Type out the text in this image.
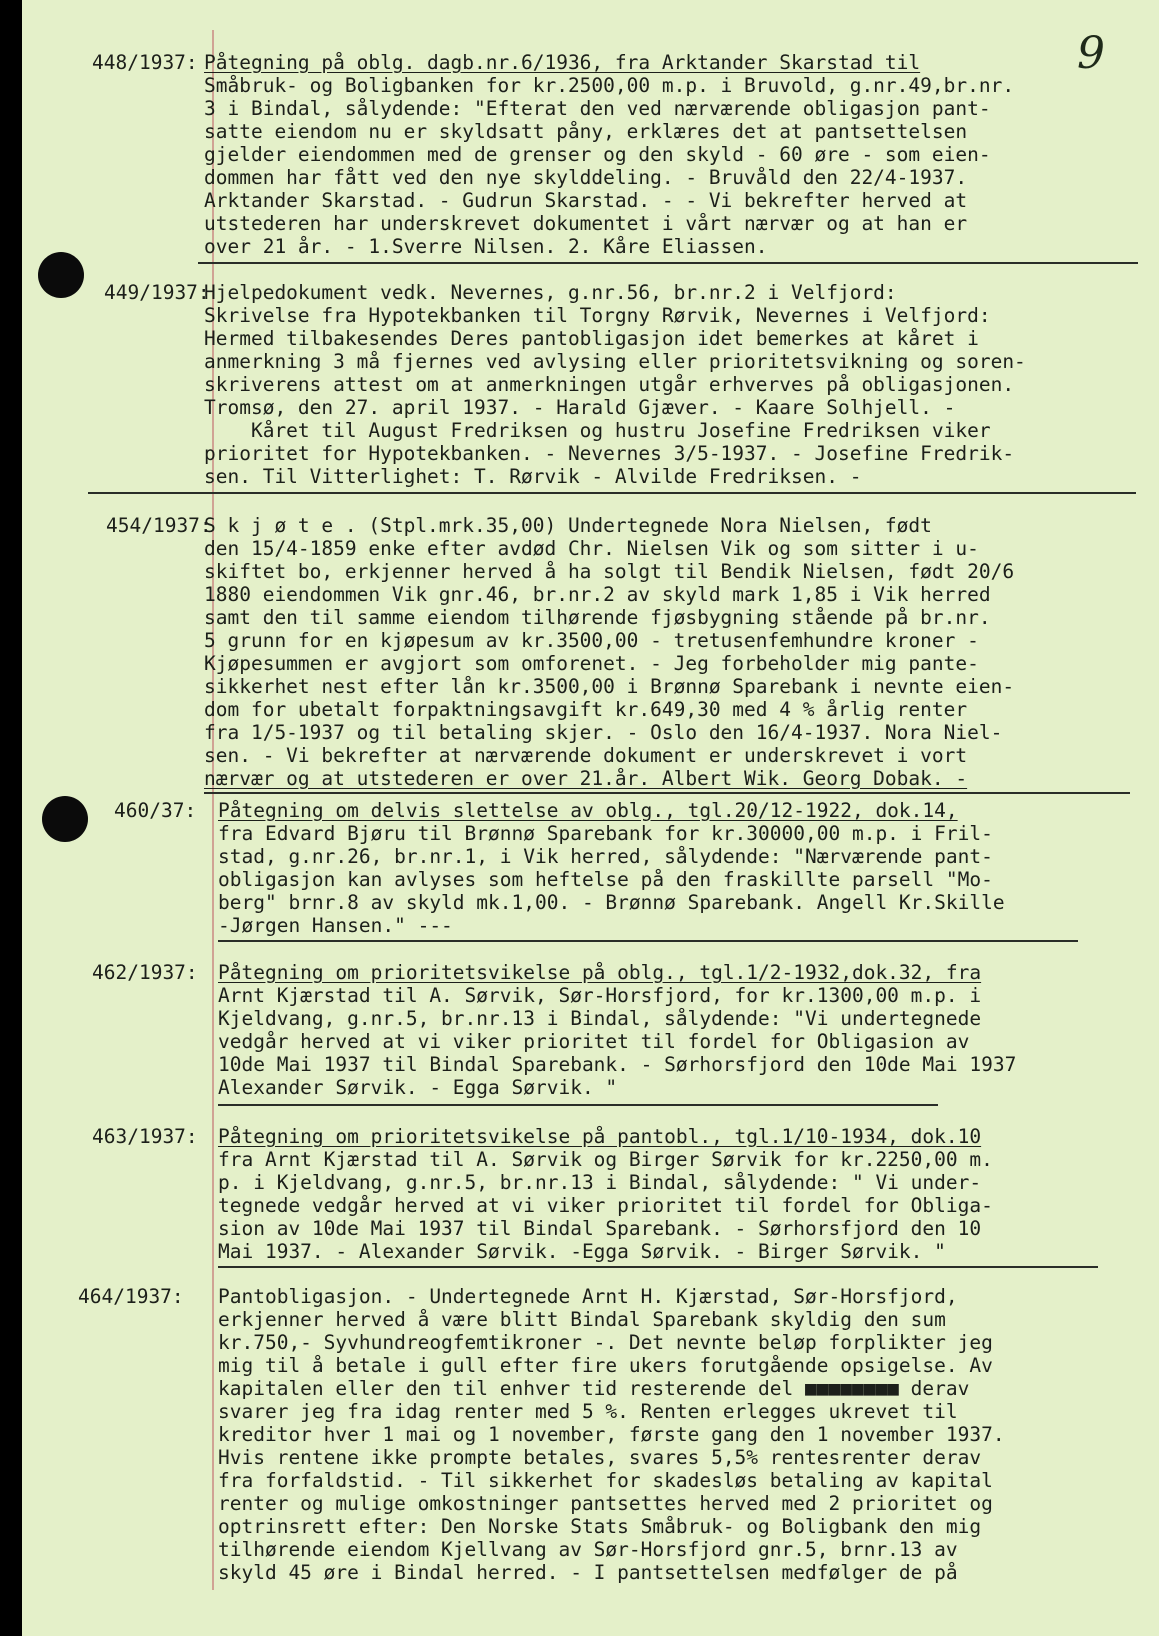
9
448/1937: Påtegning på oblg. dagb.nr.6/1936, fra Arktander Skarstad til
Småbruk- og Boligbanken for kr.2500,00 m.p. i Bruvold, g.nr.49,br.nr.
3 i Bindal, sålydende: "Efterat den ved nærværende obligasjon pant-
satte eiendom nu er skyldsatt påny, erklæres det at pantsettelsen
gjelder eiendommen med de grenser og den skyld - 60 øre - som eien-
dommen har fått ved den nye skylddeling. - Bruvåld den 22/4-1937.
Arktander Skarstad. - Gudrun Skarstad. - - Vi bekrefter herved at
utstederen har underskrevet dokumentet i vårt nærvær og at han er
over 21 år. - 1.Sverre Nilsen. 2. Kåre Eliassen.
449/1937:
Hjelpedokument vedk. Nevernes, g.nr.56, br.nr.2 i Velfjord:
Skrivelse fra Hypotekbanken til Torgny Rørvik, Nevernes i Velfjord:
Hermed tilbakesendes Deres pantobligasjon idet bemerkes at kåret i
anmerkning 3 må fjernes ved avlysing eller prioritetsvikning og soren-
skriverens attest om at anmerkningen utgår erhverves på obligasjonen.
Tromsø, den 27. april 1937. - Harald Gjæver. - Kaare Solhjell. -
Kåret til August Fredriksen og hustru Josefine Fredriksen viker
prioritet for Hypotekbanken. - Nevernes 3/5-1937. - Josefine Fredrik-
sen. Til Vitterlighet: T. Rørvik - Alvilde Fredriksen. -
454/1937:
S k j ø t e . (Stpl.mrk.35,00) Undertegnede Nora Nielsen, født
den 15/4-1859 enke efter avdød Chr. Nielsen Vik og som sitter i u-
skiftet bo, erkjenner herved å ha solgt til Bendik Nielsen, født 20/6
1880 eiendommen Vik gnr.46, br.nr.2 av skyld mark 1,85 i Vik herred
samt den til samme eiendom tilhørende fjøsbygning stående på br.nr.
5 grunn for en kjøpesum av kr.3500,00 - tretusenfemhundre kroner -
Kjøpesummen er avgjort som omforenet. - Jeg forbeholder mig pante-
sikkerhet nest efter lån kr.3500,00 i Brønnø Sparebank i nevnte eien-
dom for ubetalt forpaktningsavgift kr.649,30 med 4 % årlig renter
fra 1/5-1937 og til betaling skjer. - Oslo den 16/4-1937. Nora Niel-
sen. - Vi bekrefter at nærværende dokument er underskrevet i vort
nærvær og at utstederen er over 21.år. Albert Wik. Georg Dobak. -
460/37: Påtegning om delvis slettelse av oblg., tgl.20/12-1922, dok.14,
fra Edvard Bjøru til Brønnø Sparebank for kr.30000,00 m.p. i Fril-
stad, g.nr.26, br.nr.1, i Vik herred, sålydende: "Nærværende pant-
obligasjon kan avlyses som heftelse på den fraskillte parsell "Mo-
berg" brnr.8 av skyld mk.1,00. - Brønnø Sparebank. Angell Kr.Skille
-Jørgen Hansen." ---
462/1937: Påtegning om prioritetsvikelse på oblg., tgl.1/2-1932,dok.32, fra
Arnt Kjærstad til A. Sørvik, Sør-Horsfjord, for kr.1300,00 m.p. i
Kjeldvang, g.nr.5, br.nr.13 i Bindal, sålydende: "Vi undertegnede
vedgår herved at vi viker prioritet til fordel for Obligasion av
10de Mai 1937 til Bindal Sparebank. - Sørhorsfjord den 10de Mai 1937
Alexander Sørvik. - Egga Sørvik. "
463/1937: Påtegning om prioritetsvikelse på pantobl., tgl.1/10-1934, dok.10
fra Arnt Kjærstad til A. Sørvik og Birger Sørvik for kr.2250,00 m.
p. i Kjeldvang, g.nr.5, br.nr.13 i Bindal, sålydende: " Vi under-
tegnede vedgår herved at vi viker prioritet til fordel for Obliga-
sion av 10de Mai 1937 til Bindal Sparebank. - Sørhorsfjord den 10
Mai 1937. - Alexander Sørvik. -Egga Sørvik. - Birger Sørvik. "
464/1937: Pantobligasjon. - Undertegnede Arnt H. Kjærstad, Sør-Horsfjord,
erkjenner herved å være blitt Bindal Sparebank skyldig den sum
kr.750,- Syvhundreogfemtikroner -. Det nevnte beløp forplikter jeg
mig til å betale i gull efter fire ukers forutgående opsigelse. Av
kapitalen eller den til enhver tid resterende del ■■■■■■■■ derav
svarer jeg fra idag renter med 5 %. Renten erlegges ukrevet til
kreditor hver 1 mai og 1 november, første gang den 1 november 1937.
Hvis rentene ikke prompte betales, svares 5,5% rentesrenter derav
fra forfaldstid. - Til sikkerhet for skadesløs betaling av kapital
renter og mulige omkostninger pantsettes herved med 2 prioritet og
optrinsrett efter: Den Norske Stats Småbruk- og Boligbank den mig
tilhørende eiendom Kjellvang av Sør-Horsfjord gnr.5, brnr.13 av
skyld 45 øre i Bindal herred. - I pantsettelsen medfølger de på
